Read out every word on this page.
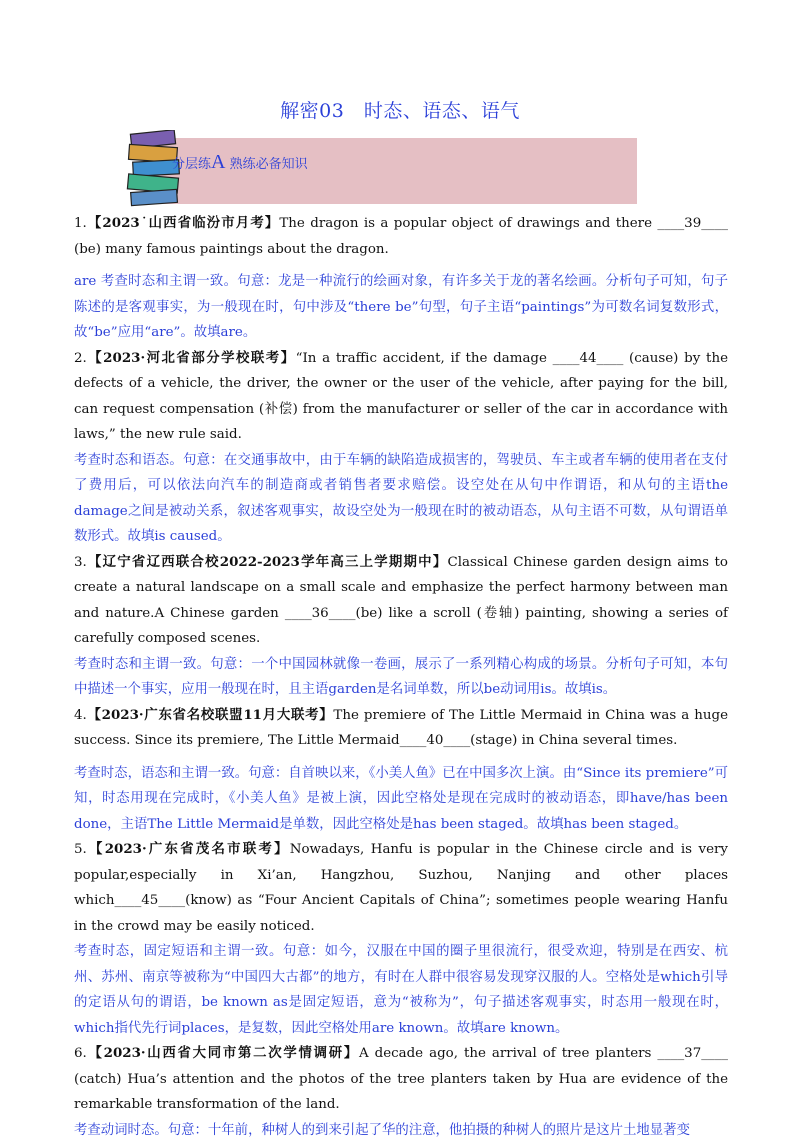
解密03　时态、语态、语气
分层练A 熟练必备知识

1.【2023˙山西省临汾市月考】The dragon is a popular object of drawings and there ____39____ (be) many famous paintings about the dragon.

are 考查时态和主谓一致。句意：龙是一种流行的绘画对象，有许多关于龙的著名绘画。分析句子可知，句子陈述的是客观事实，为一般现在时，句中涉及“there be”句型，句子主语“paintings”为可数名词复数形式，故“be”应用“are”。故填are。

2.【2023·河北省部分学校联考】“In a traffic accident, if the damage ____44____ (cause) by the defects of a vehicle, the driver, the owner or the user of the vehicle, after paying for the bill, can request compensation (补偿) from the manufacturer or seller of the car in accordance with laws,” the new rule said.

考查时态和语态。句意：在交通事故中，由于车辆的缺陷造成损害的，驾驶员、车主或者车辆的使用者在支付了费用后，可以依法向汽车的制造商或者销售者要求赔偿。设空处在从句中作谓语，和从句的主语the damage之间是被动关系，叙述客观事实，故设空处为一般现在时的被动语态，从句主语不可数，从句谓语单数形式。故填is caused。

3.【辽宁省辽西联合校2022-2023学年高三上学期期中】Classical Chinese garden design aims to create a natural landscape on a small scale and emphasize the perfect harmony between man and nature.A Chinese garden ____36____(be) like a scroll (卷轴) painting, showing a series of carefully composed scenes.

考查时态和主谓一致。句意：一个中国园林就像一卷画，展示了一系列精心构成的场景。分析句子可知，本句中描述一个事实，应用一般现在时，且主语garden是名词单数，所以be动词用is。故填is。

4.【2023·广东省名校联盟11月大联考】The premiere of The Little Mermaid in China was a huge success. Since its premiere, The Little Mermaid____40____(stage) in China several times.

考查时态，语态和主谓一致。句意：自首映以来，《小美人鱼》已在中国多次上演。由“Since its premiere”可知，时态用现在完成时，《小美人鱼》是被上演，因此空格处是现在完成时的被动语态，即have/has been done，主语The Little Mermaid是单数，因此空格处是has been staged。故填has been staged。

5.【2023·广东省茂名市联考】Nowadays, Hanfu is popular in the Chinese circle and is very popular,especially in Xi’an, Hangzhou, Suzhou, Nanjing and other places which____45____(know) as “Four Ancient Capitals of China”; sometimes people wearing Hanfu in the crowd may be easily noticed.

考查时态，固定短语和主谓一致。句意：如今，汉服在中国的圈子里很流行，很受欢迎，特别是在西安、杭州、苏州、南京等被称为“中国四大古都”的地方，有时在人群中很容易发现穿汉服的人。空格处是which引导的定语从句的谓语，be known as是固定短语，意为“被称为”，句子描述客观事实，时态用一般现在时，which指代先行词places，是复数，因此空格处用are known。故填are known。

6.【2023·山西省大同市第二次学情调研】A decade ago, the arrival of tree planters ____37____ (catch) Hua’s attention and the photos of the tree planters taken by Hua are evidence of the remarkable transformation of the land.

考查动词时态。句意：十年前，种树人的到来引起了华的注意，他拍摄的种树人的照片是这片土地显著变
